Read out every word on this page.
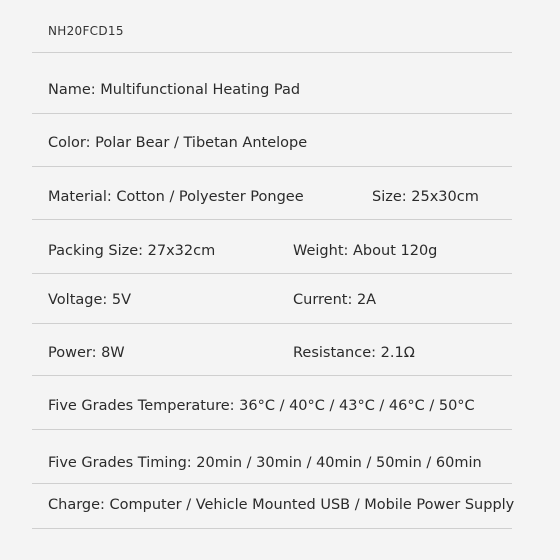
NH20FCD15
Name: Multifunctional Heating Pad
Color: Polar Bear / Tibetan Antelope
Material: Cotton / Polyester Pongee	Size: 25x30cm
Packing Size: 27x32cm	Weight: About 120g
Voltage: 5V	Current: 2A
Power: 8W	Resistance: 2.1Ω
Five Grades Temperature: 36°C / 40°C / 43°C / 46°C / 50°C
Five Grades Timing: 20min / 30min / 40min / 50min / 60min
Charge: Computer / Vehicle Mounted USB / Mobile Power Supply
